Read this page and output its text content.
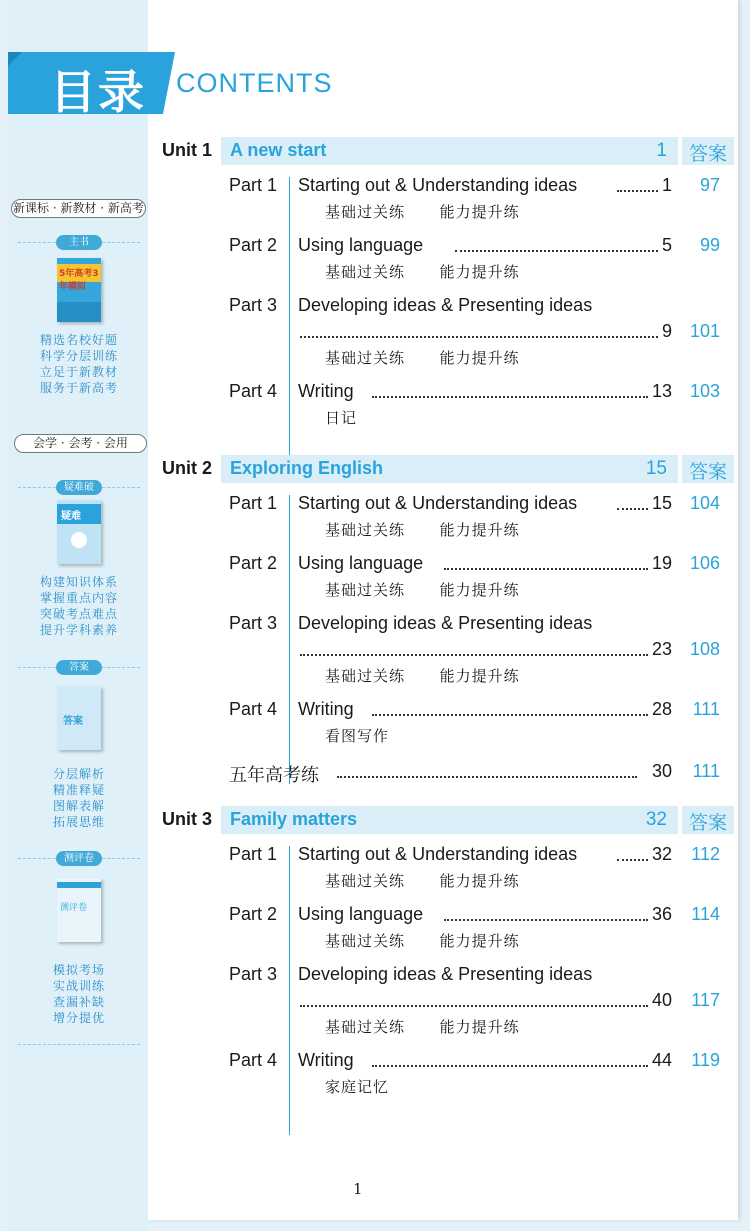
目录 CONTENTS
新课标 · 新教材 · 新高考
主书
5年高考3年模拟
精选名校好题
科学分层训练
立足于新教材
服务于新高考
会学 · 会考 · 会用
疑难破
疑难
构建知识体系
掌握重点内容
突破考点难点
提升学科素养
答案
答案
分层解析
精准释疑
图解表解
拓展思维
测评卷
测评卷
模拟考场
实战训练
查漏补缺
增分提优
Unit 1 A new start	1	答案
Part 1 Starting out & Understanding ideas	1 97
基础过关练      能力提升练
Part 2 Using language	5 99
基础过关练      能力提升练
Part 3 Developing ideas & Presenting ideas
9 101
基础过关练      能力提升练
Part 4 Writing	13 103
日记
Unit 2 Exploring English	15	答案
Part 1 Starting out & Understanding ideas	15 104
基础过关练      能力提升练
Part 2 Using language	19 106
基础过关练      能力提升练
Part 3 Developing ideas & Presenting ideas
23 108
基础过关练      能力提升练
Part 4 Writing	28 111
看图写作
五年高考练	30 111
Unit 3 Family matters	32	答案
Part 1 Starting out & Understanding ideas	32 112
基础过关练      能力提升练
Part 2 Using language	36 114
基础过关练      能力提升练
Part 3 Developing ideas & Presenting ideas
40 117
基础过关练      能力提升练
Part 4 Writing	44 119
家庭记忆
1
